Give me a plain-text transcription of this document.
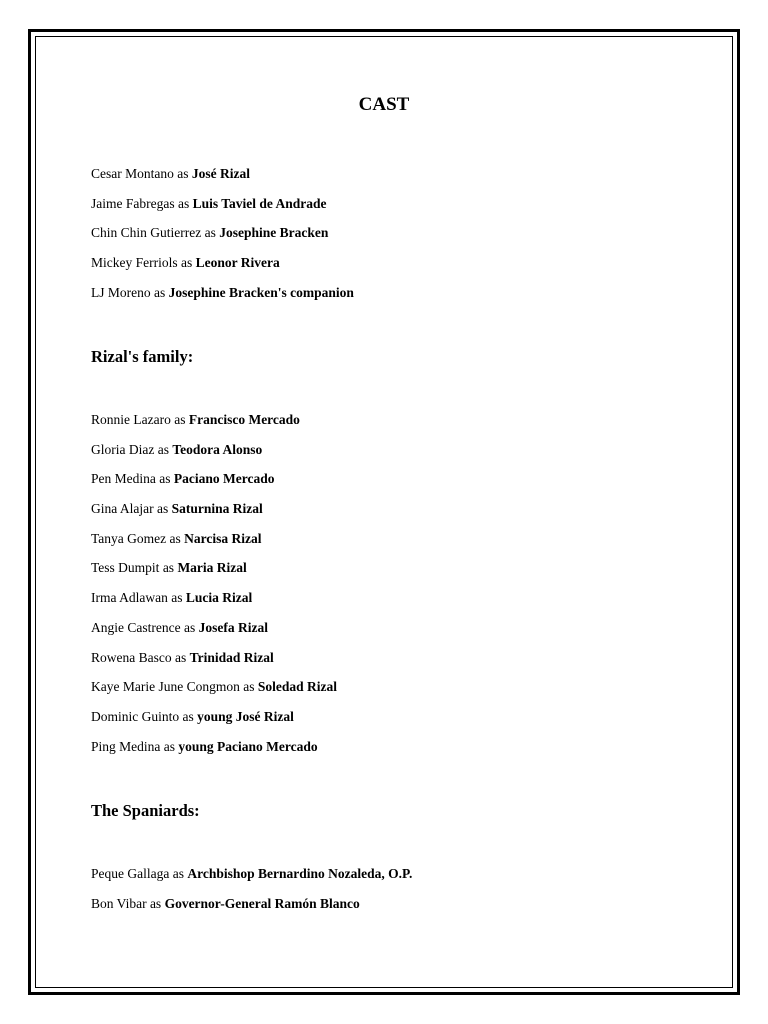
CAST
Cesar Montano as José Rizal
Jaime Fabregas as Luis Taviel de Andrade
Chin Chin Gutierrez as Josephine Bracken
Mickey Ferriols as Leonor Rivera
LJ Moreno as Josephine Bracken's companion
Rizal's family:
Ronnie Lazaro as Francisco Mercado
Gloria Diaz as Teodora Alonso
Pen Medina as Paciano Mercado
Gina Alajar as Saturnina Rizal
Tanya Gomez as Narcisa Rizal
Tess Dumpit as Maria Rizal
Irma Adlawan as Lucia Rizal
Angie Castrence as Josefa Rizal
Rowena Basco as Trinidad Rizal
Kaye Marie June Congmon as Soledad Rizal
Dominic Guinto as young José Rizal
Ping Medina as young Paciano Mercado
The Spaniards:
Peque Gallaga as Archbishop Bernardino Nozaleda, O.P.
Bon Vibar as Governor-General Ramón Blanco
